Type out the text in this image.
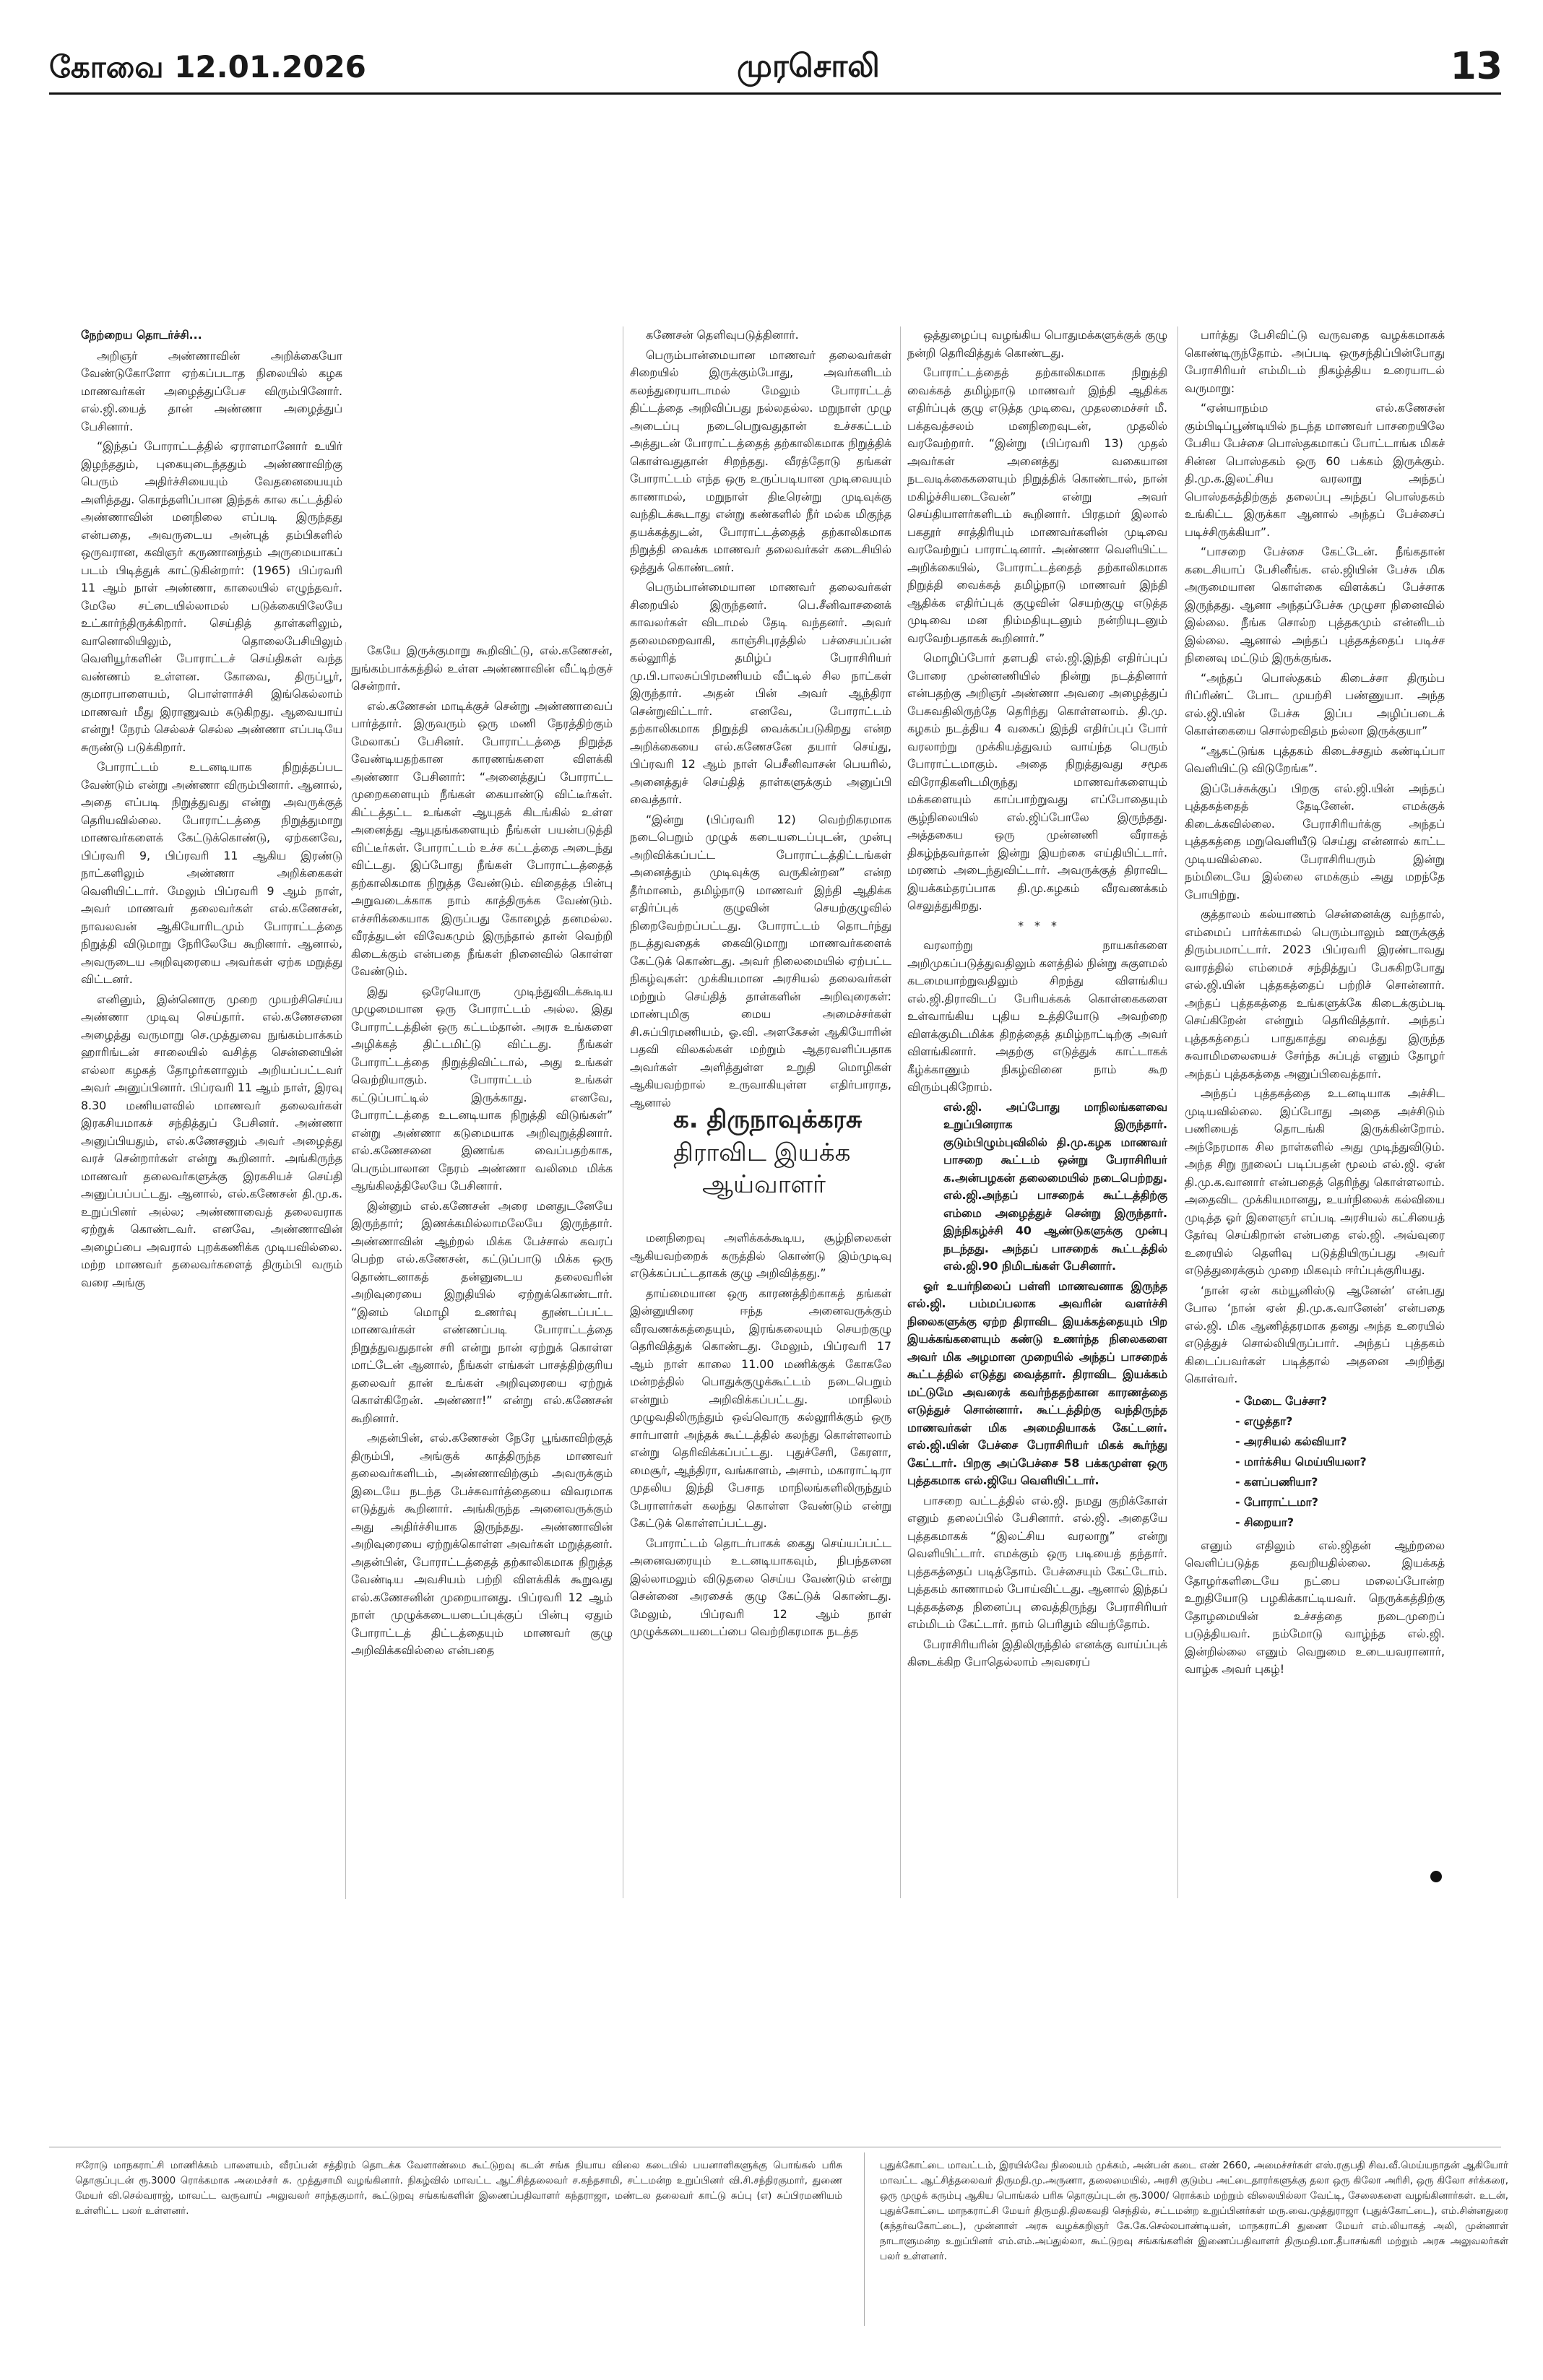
கோவை 12.01.2026	முரசொலி	13

நேற்றைய தொடர்ச்சி...

அறிஞர் அண்ணாவின் அறிக்கையோ வேண்டுகோளோ ஏற்கப்படாத நிலையில் கழக மாணவர்கள் அழைத்துப்பேச விரும்பினோர். எல்.ஜி.யைத் தான் அண்ணா அழைத்துப் பேசினார்.

“இந்தப் போராட்டத்தில் ஏராளமானோர் உயிர் இழந்ததும், புகையுடைந்ததும் அண்ணாவிற்கு பெரும் அதிர்ச்சியையும் வேதனையையும் அளித்தது. கொந்தளிப்பான இந்தக் கால கட்டத்தில் அண்ணாவின் மனநிலை எப்படி இருந்தது என்பதை, அவருடைய அன்புத் தம்பிகளில் ஒருவரான, கவிஞர் கருணானந்தம் அருமையாகப் படம் பிடித்துக் காட்டுகின்றார்: (1965) பிப்ரவரி 11 ஆம் நாள் அண்ணா, காலையில் எழுந்தவர். மேலே சட்டையில்லாமல் படுக்கையிலேயே உட்கார்ந்திருக்கிறார். செய்தித் தாள்களிலும், வானொலியிலும், தொலைபேசியிலும் வெளியூர்களின் போராட்டச் செய்திகள் வந்த வண்ணம் உள்ளன. கோவை, திருப்பூர், குமாரபாளையம், பொள்ளாச்சி இங்கெல்லாம் மாணவர் மீது இராணுவம் சுடுகிறது. ஆவையாய் என்று! நேரம் செல்லச் செல்ல அண்ணா எப்படியே சுருண்டு படுக்கிறார்.

போராட்டம் உடனடியாக நிறுத்தப்பட வேண்டும் என்று அண்ணா விரும்பினார். ஆனால், அதை எப்படி நிறுத்துவது என்று அவருக்குத் தெரியவில்லை. போராட்டத்தை நிறுத்துமாறு மாணவர்களைக் கேட்டுக்கொண்டு, ஏற்கனவே, பிப்ரவரி 9, பிப்ரவரி 11 ஆகிய இரண்டு நாட்களிலும் அண்ணா அறிக்கைகள் வெளியிட்டார். மேலும் பிப்ரவரி 9 ஆம் நாள், அவர் மாணவர் தலைவர்கள் எல்.கணேசன், நாவலவன் ஆகியோரிடமும் போராட்டத்தை நிறுத்தி விடுமாறு நேரிலேயே கூறினார். ஆனால், அவருடைய அறிவுரையை அவர்கள் ஏற்க மறுத்து விட்டனர்.

எனினும், இன்னொரு முறை முயற்சிசெய்ய அண்ணா முடிவு செய்தார். எல்.கணேசனை அழைத்து வருமாறு செ.முத்துவை நுங்கம்பாக்கம் ஹாரிங்டன் சாலையில் வசித்த சென்னையின் எல்லா கழகத் தோழர்களாலும் அறியப்பட்டவர் அவர் அனுப்பினார். பிப்ரவரி 11 ஆம் நாள், இரவு 8.30 மணியளவில் மாணவர் தலைவர்கள் இரகசியமாகச் சந்தித்துப் பேசினர். அண்ணா அனுப்பியதும், எல்.கணேசனும் அவர் அழைத்து வரச் சென்றார்கள் என்று கூறினார். அங்கிருந்த மாணவர் தலைவர்களுக்கு இரகசியச் செய்தி அனுப்பப்பட்டது. ஆனால், எல்.கணேசன் தி.மு.க. உறுப்பினர் அல்ல; அண்ணாவைத் தலைவராக ஏற்றுக் கொண்டவர். எனவே, அண்ணாவின் அழைப்பை அவரால் புறக்கணிக்க முடியவில்லை. மற்ற மாணவர் தலைவர்களைத் திரும்பி வரும் வரை அங்கு

கேயே இருக்குமாறு கூறிவிட்டு, எல்.கணேசன், நுங்கம்பாக்கத்தில் உள்ள அண்ணாவின் வீட்டிற்குச் சென்றார்.

எல்.கணேசன் மாடிக்குச் சென்று அண்ணாவைப் பார்த்தார். இருவரும் ஒரு மணி நேரத்திற்கும் மேலாகப் பேசினர். போராட்டத்தை நிறுத்த வேண்டியதற்கான காரணங்களை விளக்கி அண்ணா பேசினார்: “அனைத்துப் போராட்ட முறைகளையும் நீங்கள் கையாண்டு விட்டீர்கள். கிட்டத்தட்ட உங்கள் ஆயுதக் கிடங்கில் உள்ள அனைத்து ஆயுதங்களையும் நீங்கள் பயன்படுத்தி விட்டீர்கள். போராட்டம் உச்ச கட்டத்தை அடைந்து விட்டது. இப்போது நீங்கள் போராட்டத்தைத் தற்காலிகமாக நிறுத்த வேண்டும். விதைத்த பின்பு அறுவடைக்காக நாம் காத்திருக்க வேண்டும். எச்சரிக்கையாக இருப்பது கோழைத் தனமல்ல. வீரத்துடன் விவேகமும் இருந்தால் தான் வெற்றி கிடைக்கும் என்பதை நீங்கள் நினைவில் கொள்ள வேண்டும்.

இது ஒரேயொரு முடிந்துவிடக்கூடிய முழுமையான ஒரு போராட்டம் அல்ல. இது போராட்டத்தின் ஒரு கட்டம்தான். அரசு உங்களை அழிக்கத் திட்டமிட்டு விட்டது. நீங்கள் போராட்டத்தை நிறுத்திவிட்டால், அது உங்கள் வெற்றியாகும். போராட்டம் உங்கள் கட்டுப்பாட்டில் இருக்காது. எனவே, போராட்டத்தை உடனடியாக நிறுத்தி விடுங்கள்” என்று அண்ணா கடுமையாக அறிவுறுத்தினார். எல்.கணேசனை இணங்க வைப்பதற்காக, பெரும்பாலான நேரம் அண்ணா வலிமை மிக்க ஆங்கிலத்திலேயே பேசினார்.

இன்னும் எல்.கணேசன் அரை மனதுடனேயே இருந்தார்; இணக்கமில்லாமலேயே இருந்தார். அண்ணாவின் ஆற்றல் மிக்க பேச்சால் கவரப் பெற்ற எல்.கணேசன், கட்டுப்பாடு மிக்க ஒரு தொண்டனாகத் தன்னுடைய தலைவரின் அறிவுரையை இறுதியில் ஏற்றுக்கொண்டார். “இனம் மொழி உணர்வு தூண்டப்பட்ட மாணவர்கள் எண்ணப்படி போராட்டத்தை நிறுத்துவதுதான் சரி என்று நான் ஏற்றுக் கொள்ள மாட்டேன் ஆனால், நீங்கள் எங்கள் பாசத்திற்குரிய தலைவர் தான் உங்கள் அறிவுரையை ஏற்றுக் கொள்கிறேன். அண்ணா!” என்று எல்.கணேசன் கூறினார்.

அதன்பின், எல்.கணேசன் நேரே பூங்காவிற்குத் திரும்பி, அங்குக் காத்திருந்த மாணவர் தலைவர்களிடம், அண்ணாவிற்கும் அவருக்கும் இடையே நடந்த பேச்சுவார்த்தையை விவரமாக எடுத்துக் கூறினார். அங்கிருந்த அனைவருக்கும் அது அதிர்ச்சியாக இருந்தது. அண்ணாவின் அறிவுரையை ஏற்றுக்கொள்ள அவர்கள் மறுத்தனர். அதன்பின், போராட்டத்தைத் தற்காலிகமாக நிறுத்த வேண்டிய அவசியம் பற்றி விளக்கிக் கூறுவது எல்.கணேசனின் முறையானது. பிப்ரவரி 12 ஆம் நாள் முழுக்கடையடைப்புக்குப் பின்பு ஏதும் போராட்டத் திட்டத்தையும் மாணவர் குழு அறிவிக்கவில்லை என்பதை

கணேசன் தெளிவுபடுத்தினார்.

பெரும்பான்மையான மாணவர் தலைவர்கள் சிறையில் இருக்கும்போது, அவர்களிடம் கலந்துரையாடாமல் மேலும் போராட்டத் திட்டத்தை அறிவிப்பது நல்லதல்ல. மறுநாள் முழு அடைப்பு நடைபெறுவதுதான் உச்சகட்டம் அத்துடன் போராட்டத்தைத் தற்காலிகமாக நிறுத்திக் கொள்வதுதான் சிறந்தது. வீரத்தோடு தங்கள் போராட்டம் எந்த ஒரு உருப்படியான முடிவையும் காணாமல், மறுநாள் திடீரென்று முடிவுக்கு வந்திடக்கூடாது என்று கண்களில் நீர் மல்க மிகுந்த தயக்கத்துடன், போராட்டத்தைத் தற்காலிகமாக நிறுத்தி வைக்க மாணவர் தலைவர்கள் கடைசியில் ஒத்துக் கொண்டனர்.

பெரும்பான்மையான மாணவர் தலைவர்கள் சிறையில் இருந்தனர். பெ.சீனிவாசனைக் காவலர்கள் விடாமல் தேடி வந்தனர். அவர் தலைமறைவாகி, காஞ்சிபுரத்தில் பச்சையப்பன் கல்லூரித் தமிழ்ப் பேராசிரியர் மு.பி.பாலசுப்பிரமணியம் வீட்டில் சில நாட்கள் இருந்தார். அதன் பின் அவர் ஆந்திரா சென்றுவிட்டார். எனவே, போராட்டம் தற்காலிகமாக நிறுத்தி வைக்கப்படுகிறது என்ற அறிக்கையை எல்.கணேசனே தயார் செய்து, பிப்ரவரி 12 ஆம் நாள் பெசீனிவாசன் பெயரில், அனைத்துச் செய்தித் தாள்களுக்கும் அனுப்பி வைத்தார்.

“இன்று (பிப்ரவரி 12) வெற்றிகரமாக நடைபெறும் முழுக் கடையடைப்புடன், முன்பு அறிவிக்கப்பட்ட போராட்டத்திட்டங்கள் அனைத்தும் முடிவுக்கு வருகின்றன” என்ற தீர்மானம், தமிழ்நாடு மாணவர் இந்தி ஆதிக்க எதிர்ப்புக் குழுவின் செயற்குழுவில் நிறைவேற்றப்பட்டது. போராட்டம் தொடர்ந்து நடத்துவதைக் கைவிடுமாறு மாணவர்களைக் கேட்டுக் கொண்டது. அவர் நிலைமையில் ஏற்பட்ட நிகழ்வுகள்: முக்கியமான அரசியல் தலைவர்கள் மற்றும் செய்தித் தாள்களின் அறிவுரைகள்: மாண்புமிகு மைய அமைச்சர்கள் சி.சுப்பிரமணியம், ஓ.வி. அளகேசன் ஆகியோரின் பதவி விலகல்கள் மற்றும் ஆதரவளிப்பதாக அவர்கள் அளித்துள்ள உறுதி மொழிகள் ஆகியவற்றால் உருவாகியுள்ள எதிர்பாராத, ஆனால்

மனநிறைவு அளிக்கக்கூடிய, சூழ்நிலைகள் ஆகியவற்றைக் கருத்தில் கொண்டு இம்முடிவு எடுக்கப்பட்டதாகக் குழு அறிவித்தது.”

தாய்மையான ஒரு காரணத்திற்காகத் தங்கள் இன்னுயிரை ஈந்த அனைவருக்கும் வீரவணக்கத்தையும், இரங்கலையும் செயற்குழு தெரிவித்துக் கொண்டது. மேலும், பிப்ரவரி 17 ஆம் நாள் காலை 11.00 மணிக்குக் கோகலே மன்றத்தில் பொதுக்குழுக்கூட்டம் நடைபெறும் என்றும் அறிவிக்கப்பட்டது. மாநிலம் முழுவதிலிருந்தும் ஒவ்வொரு கல்லூரிக்கும் ஒரு சார்பாளர் அந்தக் கூட்டத்தில் கலந்து கொள்ளலாம் என்று தெரிவிக்கப்பட்டது. புதுச்சேரி, கேரளா, மைசூர், ஆந்திரா, வங்காளம், அசாம், மகாராட்டிரா முதலிய இந்தி பேசாத மாநிலங்களிலிருந்தும் பேராளர்கள் கலந்து கொள்ள வேண்டும் என்று கேட்டுக் கொள்ளப்பட்டது.

போராட்டம் தொடர்பாகக் கைது செய்யப்பட்ட அனைவரையும் உடனடியாகவும், நிபந்தனை இல்லாமலும் விடுதலை செய்ய வேண்டும் என்று சென்னை அரசைக் குழு கேட்டுக் கொண்டது. மேலும், பிப்ரவரி 12 ஆம் நாள் முழுக்கடையடைப்பை வெற்றிகரமாக நடத்த

க. திருநாவுக்கரசு
திராவிட இயக்க
ஆய்வாளர்

ஒத்துழைப்பு வழங்கிய பொதுமக்களுக்குக் குழு நன்றி தெரிவித்துக் கொண்டது.

போராட்டத்தைத் தற்காலிகமாக நிறுத்தி வைக்கத் தமிழ்நாடு மாணவர் இந்தி ஆதிக்க எதிர்ப்புக் குழு எடுத்த முடிவை, முதலமைச்சர் மீ. பக்தவத்சலம் மனநிறைவுடன், முதலில் வரவேற்றார். “இன்று (பிப்ரவரி 13) முதல் அவர்கள் அனைத்து வகையான நடவடிக்கைகளையும் நிறுத்திக் கொண்டால், நான் மகிழ்ச்சியடைவேன்” என்று அவர் செய்தியாளர்களிடம் கூறினார். பிரதமர் இலால் பகதூர் சாத்திரியும் மாணவர்களின் முடிவை வரவேற்றுப் பாராட்டினார். அண்ணா வெளியிட்ட அறிக்கையில், போராட்டத்தைத் தற்காலிகமாக நிறுத்தி வைக்கத் தமிழ்நாடு மாணவர் இந்தி ஆதிக்க எதிர்ப்புக் குழுவின் செயற்குழு எடுத்த முடிவை மன நிம்மதியுடனும் நன்றியுடனும் வரவேற்பதாகக் கூறினார்.”

மொழிப்போர் தளபதி எல்.ஜி.இந்தி எதிர்ப்புப் போரை முன்னணியில் நின்று நடத்தினார் என்பதற்கு அறிஞர் அண்ணா அவரை அழைத்துப் பேசுவதிலிருந்தே தெரிந்து கொள்ளலாம். தி.மு. கழகம் நடத்திய 4 வகைப் இந்தி எதிர்ப்புப் போர் வரலாற்று முக்கியத்துவம் வாய்ந்த பெரும் போராட்டமாகும். அதை நிறுத்துவது சமூக விரோதிகளிடமிருந்து மாணவர்களையும் மக்களையும் காப்பாற்றுவது எப்போதையும் சூழ்நிலையில் எல்.ஜிப்போலே இருந்தது. அத்தகைய ஒரு முன்னணி வீராகத் திகழ்ந்தவர்தான் இன்று இயற்கை எய்தியிட்டார். மரணம் அடைந்துவிட்டார். அவருக்குத் திராவிட இயக்கம்தரப்பாக தி.மு.கழகம் வீரவணக்கம் செலுத்துகிறது.

*   *   *

வரலாற்று நாயகர்களை அறிமுகப்படுத்துவதிலும் களத்தில் நின்று சுகுளமல் கடமையாற்றுவதிலும் சிறந்து விளங்கிய எல்.ஜி.திராவிடப் பேரியக்கக் கொள்கைகளை உள்வாங்கிய புதிய உத்தியோடு அவற்றை விளக்குமிடமிக்க திறத்தைத் தமிழ்நாட்டிற்கு அவர் விளங்கினார். அதற்கு எடுத்துக் காட்டாகக் கீழ்க்காணும் நிகழ்வினை நாம் கூற விரும்புகிறோம்.

எல்.ஜி. அப்போது மாநிலங்களவை உறுப்பினராக இருந்தார். குடும்பிழும்புவிலில் தி.மு.கழக மாணவர் பாசறை கூட்டம் ஒன்று பேராசிரியர் க.அன்பழகன் தலைமையில் நடைபெற்றது. எல்.ஜி.அந்தப் பாசறைக் கூட்டத்திற்கு எம்மை அழைத்துச் சென்று இருந்தார். இந்நிகழ்ச்சி 40 ஆண்டுகளுக்கு முன்பு நடந்தது. அந்தப் பாசறைக் கூட்டத்தில் எல்.ஜி.90 நிமிடங்கள் பேசினார்.

ஓர் உயர்நிலைப் பள்ளி மாணவனாக இருந்த எல்.ஜி. பம்மப்பலாக அவரின் வளர்ச்சி நிலைகளுக்கு ஏற்ற திராவிட இயக்கத்தையும் பிற இயக்கங்களையும் கண்டு உணர்ந்த நிலைகளை அவர் மிக அழமான முறையில் அந்தப் பாசறைக் கூட்டத்தில் எடுத்து வைத்தார். திராவிட இயக்கம் மட்டுமே அவரைக் கவர்ந்ததற்கான காரணத்தை எடுத்துச் சொன்னார். கூட்டத்திற்கு வந்திருந்த மாணவர்கள் மிக அமைதியாகக் கேட்டனர். எல்.ஜி.யின் பேச்சை பேராசிரியர் மிகக் கூர்ந்து கேட்டார். பிறகு அப்பேச்சை 58 பக்கமுள்ள ஒரு புத்தகமாக எல்.ஜியே வெளியிட்டார்.

பாசறை வட்டத்தில் எல்.ஜி. நமது குறிக்கோள் எனும் தலைப்பில் பேசினார். எல்.ஜி. அதையே புத்தகமாகக் “இலட்சிய வரலாறு” என்று வெளியிட்டார். எமக்கும் ஒரு படியைத் தந்தார். புத்தகத்தைப் படித்தோம். பேச்சையும் கேட்டோம். புத்தகம் காணாமல் போய்விட்டது. ஆனால் இந்தப் புத்தகத்தை நினைப்பு வைத்திருந்து பேராசிரியர் எம்மிடம் கேட்டார். நாம் பெரிதும் வியந்தோம்.

பேராசிரியரின் இதிலிருந்தில் எனக்கு வாய்ப்புக் கிடைக்கிற போதெல்லாம் அவரைப்

பார்த்து பேசிவிட்டு வருவதை வழக்கமாகக் கொண்டிருந்தோம். அப்படி ஒருசந்திப்பின்போது பேராசிரியர் எம்மிடம் நிகழ்த்திய உரையாடல் வருமாறு:

“ஏன்யாநம்ம எல்.கணேசன் கும்பிடிப்பூண்டியில் நடந்த மாணவர் பாசறையிலே பேசிய பேச்சை பொஸ்தகமாகப் போட்டாங்க மிகச் சின்ன பொஸ்தகம் ஒரு 60 பக்கம் இருக்கும். தி.மு.க.இலட்சிய வரலாறு அந்தப் பொஸ்தகத்திற்குத் தலைப்பு அந்தப் பொஸ்தகம் உங்கிட்ட இருக்கா ஆனால் அந்தப் பேச்சைப் படிச்சிருக்கியா”.

“பாசறை பேச்சை கேட்டேன். நீங்கதான் கடைசியாப் பேசினீங்க. எல்.ஜியின் பேச்சு மிக அருமையான கொள்கை விளக்கப் பேச்சாக இருந்தது. ஆனா அந்தப்பேச்சு முழுசா நினைவில் இல்லை. நீங்க சொல்ற புத்தகமும் என்னிடம் இல்லை. ஆனால் அந்தப் புத்தகத்தைப் படிச்ச நினைவு மட்டும் இருக்குங்க.

“அந்தப் பொஸ்தகம் கிடைச்சா திரும்ப ரிப்ரிண்ட் போட முயற்சி பண்ணுயா. அந்த எல்.ஜி.யின் பேச்சு இப்ப அழிப்படைக் கொள்கையை சொல்றவிதம் நல்லா இருக்குயா”

“ஆகட்டுங்க புத்தகம் கிடைச்சதும் கண்டிப்பா வெளியிட்டு விடுறேங்க”.

இப்பேச்சுக்குப் பிறகு எல்.ஜி.யின் அந்தப் புத்தகத்தைத் தேடினேன். எமக்குக் கிடைக்கவில்லை. பேராசிரியர்க்கு அந்தப் புத்தகத்தை மறுவெளியீடு செய்து என்னால் காட்ட முடியவில்லை. பேராசிரியரும் இன்று நம்மிடையே இல்லை எமக்கும் அது மறந்தே போயிற்று.

குத்தாலம் கல்யாணம் சென்னைக்கு வந்தால், எம்மைப் பார்க்காமல் பெரும்பாலும் ஊருக்குத் திரும்பமாட்டார். 2023 பிப்ரவரி இரண்டாவது வாரத்தில் எம்மைச் சந்தித்துப் பேசுகிறபோது எல்.ஜி.யின் புத்தகத்தைப் பற்றிச் சொன்னார். அந்தப் புத்தகத்தை உங்களுக்கே கிடைக்கும்படி செய்கிறேன் என்றும் தெரிவித்தார். அந்தப் புத்தகத்தைப் பாதுகாத்து வைத்து இருந்த சுவாமிமலையைச் சேர்ந்த சுப்புத் எனும் தோழர் அந்தப் புத்தகத்தை அனுப்பிவைத்தார்.

அந்தப் புத்தகத்தை உடனடியாக அச்சிட முடியவில்லை. இப்போது அதை அச்சிடும் பணியைத் தொடங்கி இருக்கின்றோம். அந்நேரமாக சில நாள்களில் அது முடிந்துவிடும். அந்த சிறு நூலைப் படிப்பதன் மூலம் எல்.ஜி. ஏன் தி.மு.க.வானார் என்பதைத் தெரிந்து கொள்ளலாம். அதைவிட முக்கியமானது, உயர்நிலைக் கல்வியை முடித்த ஓர் இளைஞர் எப்படி அரசியல் கட்சியைத் தேர்வு செய்கிறான் என்பதை எல்.ஜி. அவ்வுரை உரையில் தெளிவு படுத்தியிருப்பது அவர் எடுத்துரைக்கும் முறை மிகவும் ஈர்ப்புக்குரியது.

‘நான் ஏன் கம்யூனிஸ்டு ஆனேன்’ என்பது போல ‘நான் ஏன் தி.மு.க.வானேன்’ என்பதை எல்.ஜி. மிக ஆணித்தரமாக தனது அந்த உரையில் எடுத்துச் சொல்லியிருப்பார். அந்தப் புத்தகம் கிடைப்பவர்கள் படித்தால் அதனை அறிந்து கொள்வர்.

- மேடை பேச்சா?
- எழுத்தா?
- அரசியல் கல்வியா?
- மார்க்சிய மெய்யியலா?
- களப்பணியா?
- போராட்டமா?
- சிறையா?

எனும் எதிலும் எல்.ஜிதன் ஆற்றலை வெளிப்படுத்த தவறியதில்லை. இயக்கத் தோழர்களிடையே நட்பை மலைப்போன்ற உறுதியோடு பழகிக்காட்டியவர். நெருக்கத்திற்கு தோழமையின் உச்சத்தை நடைமுறைப் படுத்தியவர். நம்மோடு வாழ்ந்த எல்.ஜி. இன்றில்லை எனும் வெறுமை உடையவரானார், வாழ்க அவர் புகழ்!

ஈரோடு மாநகராட்சி மாணிக்கம் பாளையம், வீரப்பன் சத்திரம் தொடக்க வேளாண்மை கூட்டுறவு கடன் சங்க நியாய விலை கடையில் பயனாளிகளுக்கு பொங்கல் பரிசு தொகுப்புடன் ரூ.3000 ரொக்கமாக அமைச்சர் சு. முத்துசாமி வழங்கினார். நிகழ்வில் மாவட்ட ஆட்சித்தலைவர் ச.கந்தசாமி, சட்டமன்ற உறுப்பினர் வி.சி.சந்திரகுமார், துணை மேயர் வி.செல்வராஜ், மாவட்ட வருவாய் அலுவலர் சாந்தகுமார், கூட்டுறவு சங்கங்களின் இணைப்பதிவாளர் கந்தராஜா, மண்டல தலைவர் காட்டு சுப்பு (எ) சுப்பிரமணியம் உள்ளிட்ட பலர் உள்ளனர்.
புதுக்கோட்டை மாவட்டம், இரயில்வே நிலையம் முக்கம், அன்பன் கடை எண் 2660, அமைச்சர்கள் எஸ்.ரகுபதி சிவ.வீ.மெய்யநாதன் ஆகியோர் மாவட்ட ஆட்சித்தலைவர் திருமதி.மு.அருணா, தலைமையில், அரசி குடும்ப அட்டைதாரர்களுக்கு தலா ஒரு கிலோ அரிசி, ஒரு கிலோ சர்க்கரை, ஒரு முழுக் கரும்பு ஆகிய பொங்கல் பரிசு தொகுப்புடன் ரூ.3000/ ரொக்கம் மற்றும் விலையில்லா வேட்டி, சேலைகளை வழங்கினார்கள். உடன், புதுக்கோட்டை மாநகராட்சி மேயர் திருமதி.திலகவதி செந்தில், சட்டமன்ற உறுப்பினர்கள் மரு.வை.முத்துராஜா (புதுக்கோட்டை), எம்.சின்னதுரை (கந்தர்வகோட்டை), முன்னாள் அரசு வழக்கறிஞர் கே.கே.செல்லபாண்டியன், மாநகராட்சி துணை மேயர் எம்.லியாகத் அலி, முன்னாள் நாடாளுமன்ற உறுப்பினர் எம்.எம்.அப்துல்லா, கூட்டுறவு சங்கங்களின் இணைப்பதிவாளர் திருமதி.மா.தீபாசங்கரி மற்றும் அரசு அலுவலர்கள் பலர் உள்ளனர்.
